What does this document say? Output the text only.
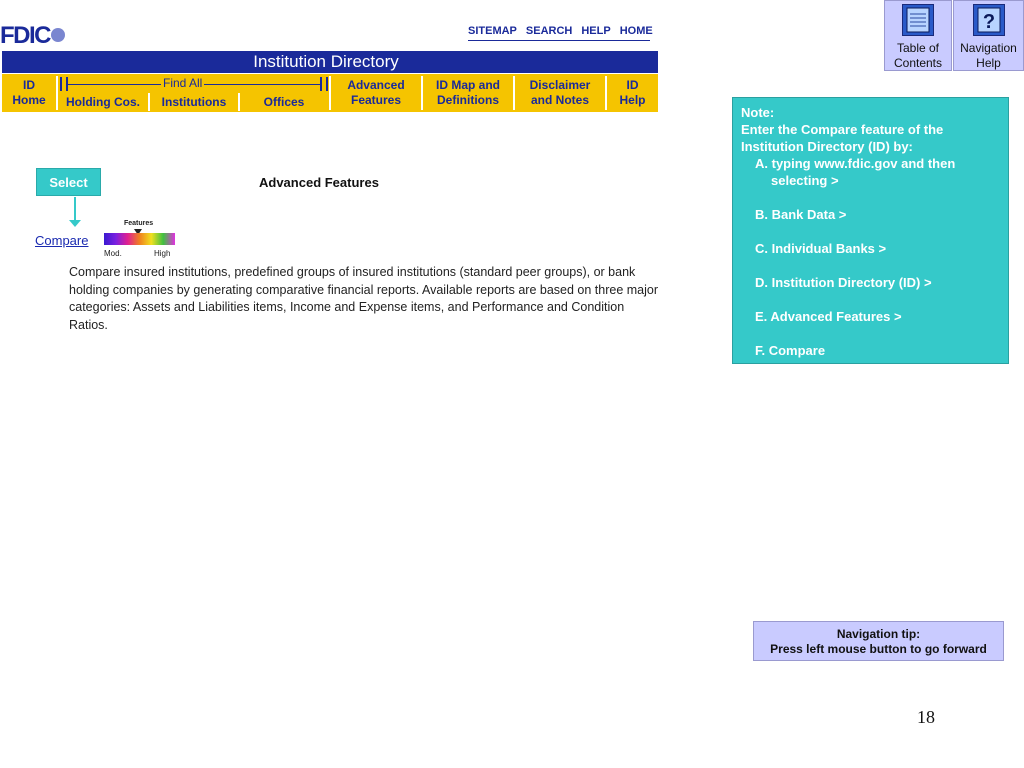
FDIC	SITEMAP SEARCH HELP HOME
Institution Directory
ID Home
Find All
Holding Cos.	Institutions	Offices
Advanced Features
ID Map and Definitions
Disclaimer and Notes
ID Help
Select	Advanced Features
Compare
Features
Mod.	High
Compare insured institutions, predefined groups of insured institutions (standard peer groups), or bank holding companies by generating comparative financial reports. Available reports are based on three major categories: Assets and Liabilities items, Income and Expense items, and Performance and Condition Ratios.
Table of Contents
?
Navigation Help
Note:
Enter the Compare feature of the Institution Directory (ID) by:
A. typing www.fdic.gov and then
selecting >
B. Bank Data >
C. Individual Banks >
D. Institution Directory (ID) >
E. Advanced Features >
F. Compare
Navigation tip:
Press left mouse button to go forward
18
